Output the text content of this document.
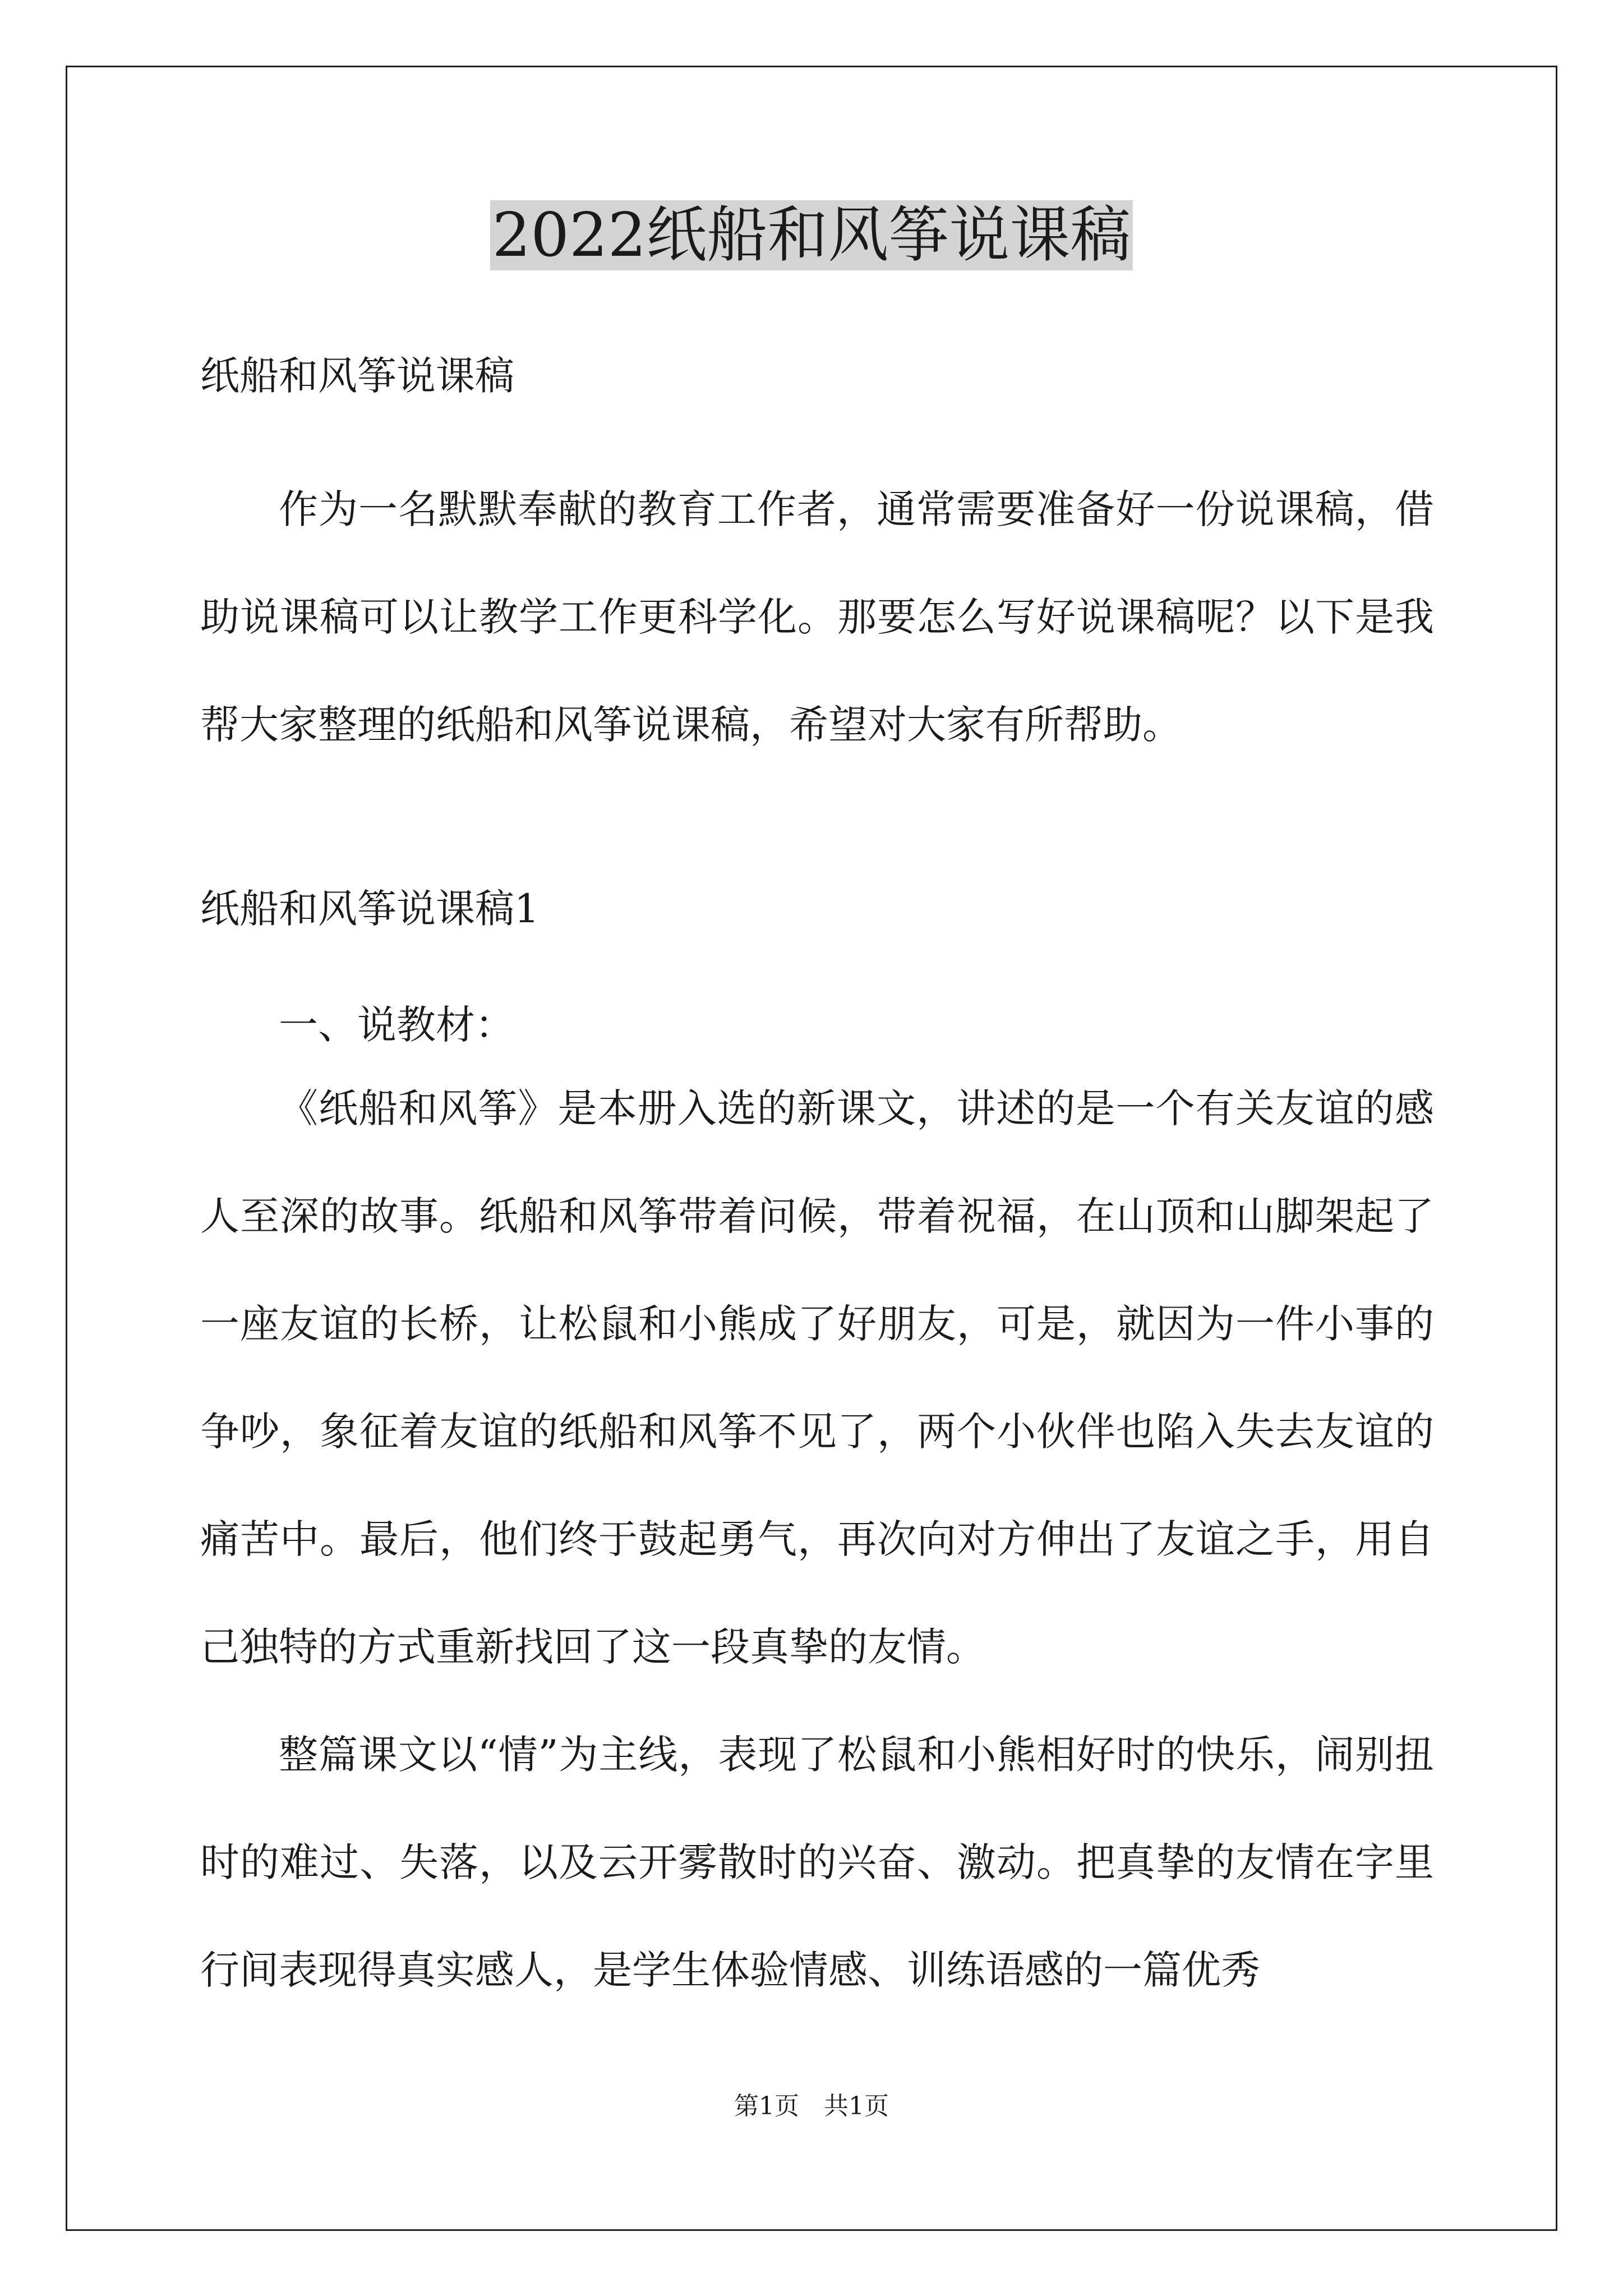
2022纸船和风筝说课稿
纸船和风筝说课稿
作为一名默默奉献的教育工作者，通常需要准备好一份说课稿，借助说课稿可以让教学工作更科学化。那要怎么写好说课稿呢？以下是我帮大家整理的纸船和风筝说课稿，希望对大家有所帮助。
纸船和风筝说课稿1
一、说教材：
《纸船和风筝》是本册入选的新课文，讲述的是一个有关友谊的感人至深的故事。纸船和风筝带着问候，带着祝福，在山顶和山脚架起了一座友谊的长桥，让松鼠和小熊成了好朋友，可是，就因为一件小事的争吵，象征着友谊的纸船和风筝不见了，两个小伙伴也陷入失去友谊的痛苦中。最后，他们终于鼓起勇气，再次向对方伸出了友谊之手，用自己独特的方式重新找回了这一段真挚的友情。
整篇课文以“情”为主线，表现了松鼠和小熊相好时的快乐，闹别扭时的难过、失落，以及云开雾散时的兴奋、激动。把真挚的友情在字里行间表现得真实感人，是学生体验情感、训练语感的一篇优秀
第1页　共1页
